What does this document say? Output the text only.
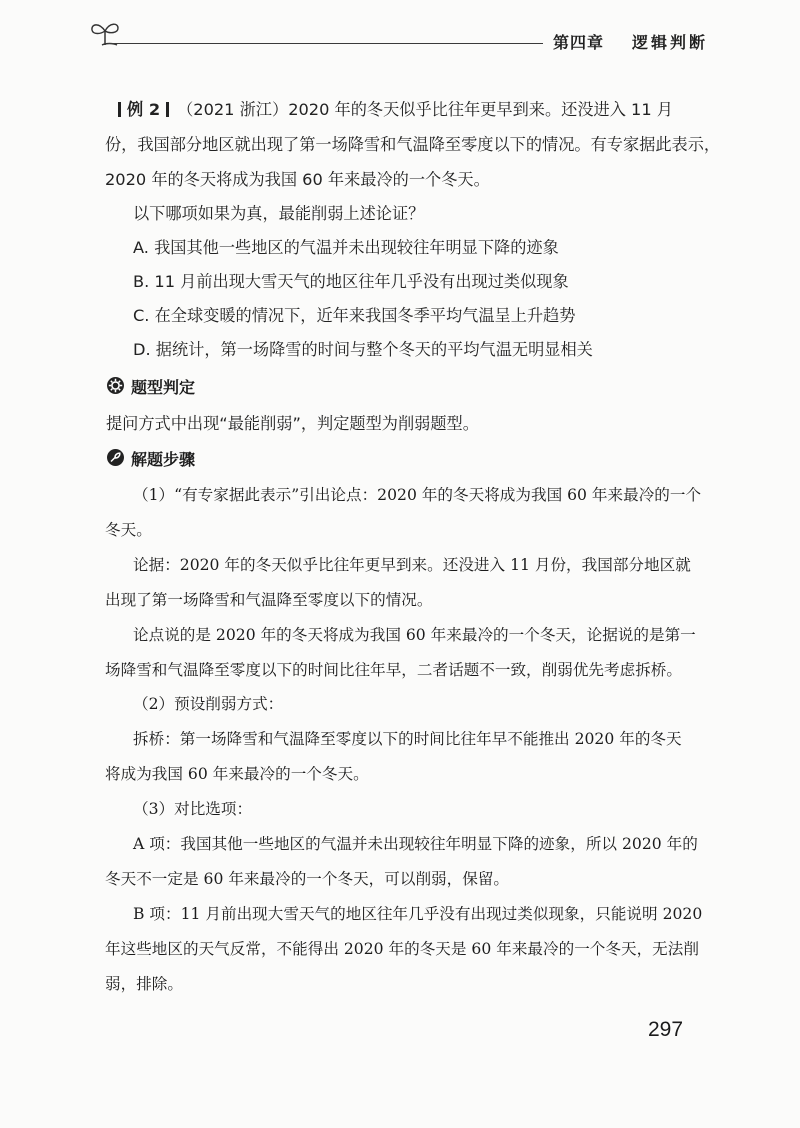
第四章 逻辑判断
例 2 （2021 浙江）2020 年的冬天似乎比往年更早到来。还没进入 11 月
份，我国部分地区就出现了第一场降雪和气温降至零度以下的情况。有专家据此表示，
2020 年的冬天将成为我国 60 年来最冷的一个冬天。
以下哪项如果为真，最能削弱上述论证？
A. 我国其他一些地区的气温并未出现较往年明显下降的迹象
B. 11 月前出现大雪天气的地区往年几乎没有出现过类似现象
C. 在全球变暖的情况下，近年来我国冬季平均气温呈上升趋势
D. 据统计，第一场降雪的时间与整个冬天的平均气温无明显相关
题型判定
提问方式中出现“最能削弱”，判定题型为削弱题型。
解题步骤
（1）“有专家据此表示”引出论点：2020 年的冬天将成为我国 60 年来最冷的一个
冬天。
论据：2020 年的冬天似乎比往年更早到来。还没进入 11 月份，我国部分地区就
出现了第一场降雪和气温降至零度以下的情况。
论点说的是 2020 年的冬天将成为我国 60 年来最冷的一个冬天，论据说的是第一
场降雪和气温降至零度以下的时间比往年早，二者话题不一致，削弱优先考虑拆桥。
（2）预设削弱方式：
拆桥：第一场降雪和气温降至零度以下的时间比往年早不能推出 2020 年的冬天
将成为我国 60 年来最冷的一个冬天。
（3）对比选项：
A 项：我国其他一些地区的气温并未出现较往年明显下降的迹象，所以 2020 年的
冬天不一定是 60 年来最冷的一个冬天，可以削弱，保留。
B 项：11 月前出现大雪天气的地区往年几乎没有出现过类似现象，只能说明 2020
年这些地区的天气反常，不能得出 2020 年的冬天是 60 年来最冷的一个冬天，无法削
弱，排除。
297
